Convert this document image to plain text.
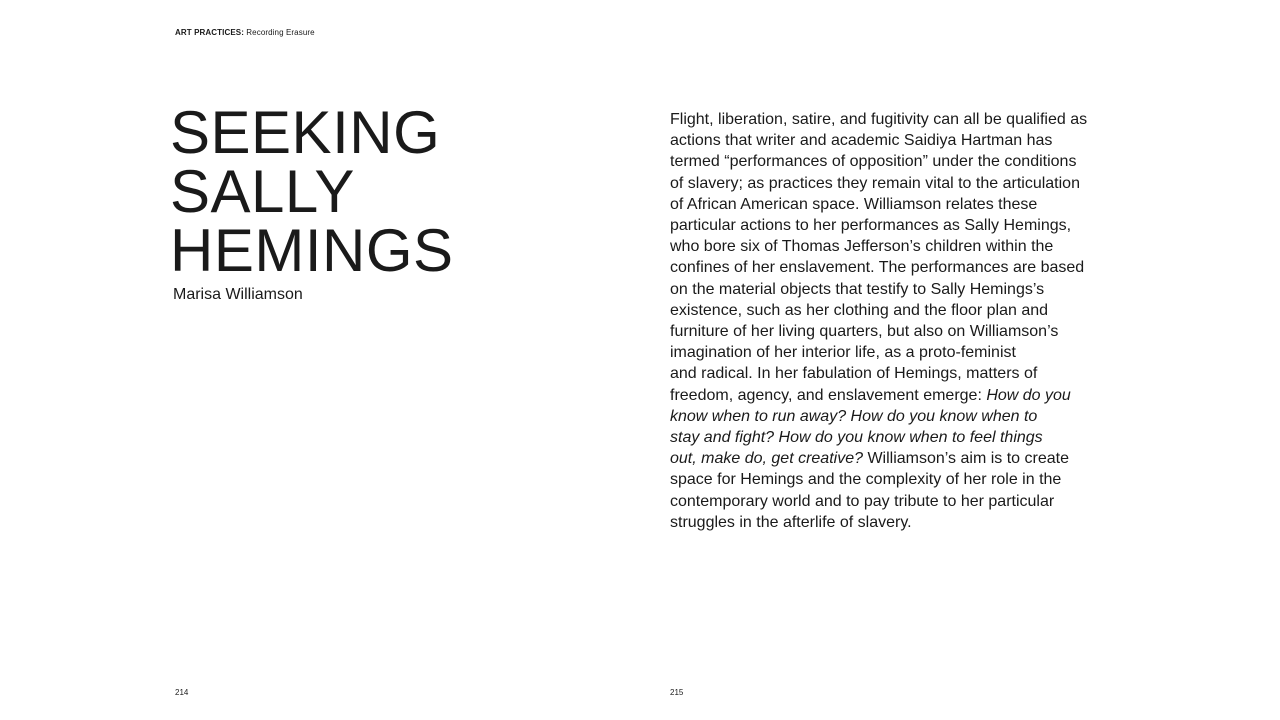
ART PRACTICES: Recording Erasure
SEEKING
SALLY
HEMINGS
Marisa Williamson
Flight, liberation, satire, and fugitivity can all be qualified as
actions that writer and academic Saidiya Hartman has
termed “performances of opposition” under the conditions
of slavery; as practices they remain vital to the articulation
of African American space. Williamson relates these
particular actions to her performances as Sally Hemings,
who bore six of Thomas Jefferson’s children within the
confines of her enslavement. The performances are based
on the material objects that testify to Sally Hemings’s
existence, such as her clothing and the floor plan and
furniture of her living quarters, but also on Williamson’s
imagination of her interior life, as a proto-feminist
and radical. In her fabulation of Hemings, matters of
freedom, agency, and enslavement emerge: How do you
know when to run away? How do you know when to
stay and fight? How do you know when to feel things
out, make do, get creative? Williamson’s aim is to create
space for Hemings and the complexity of her role in the
contemporary world and to pay tribute to her particular
struggles in the afterlife of slavery.
214	215
